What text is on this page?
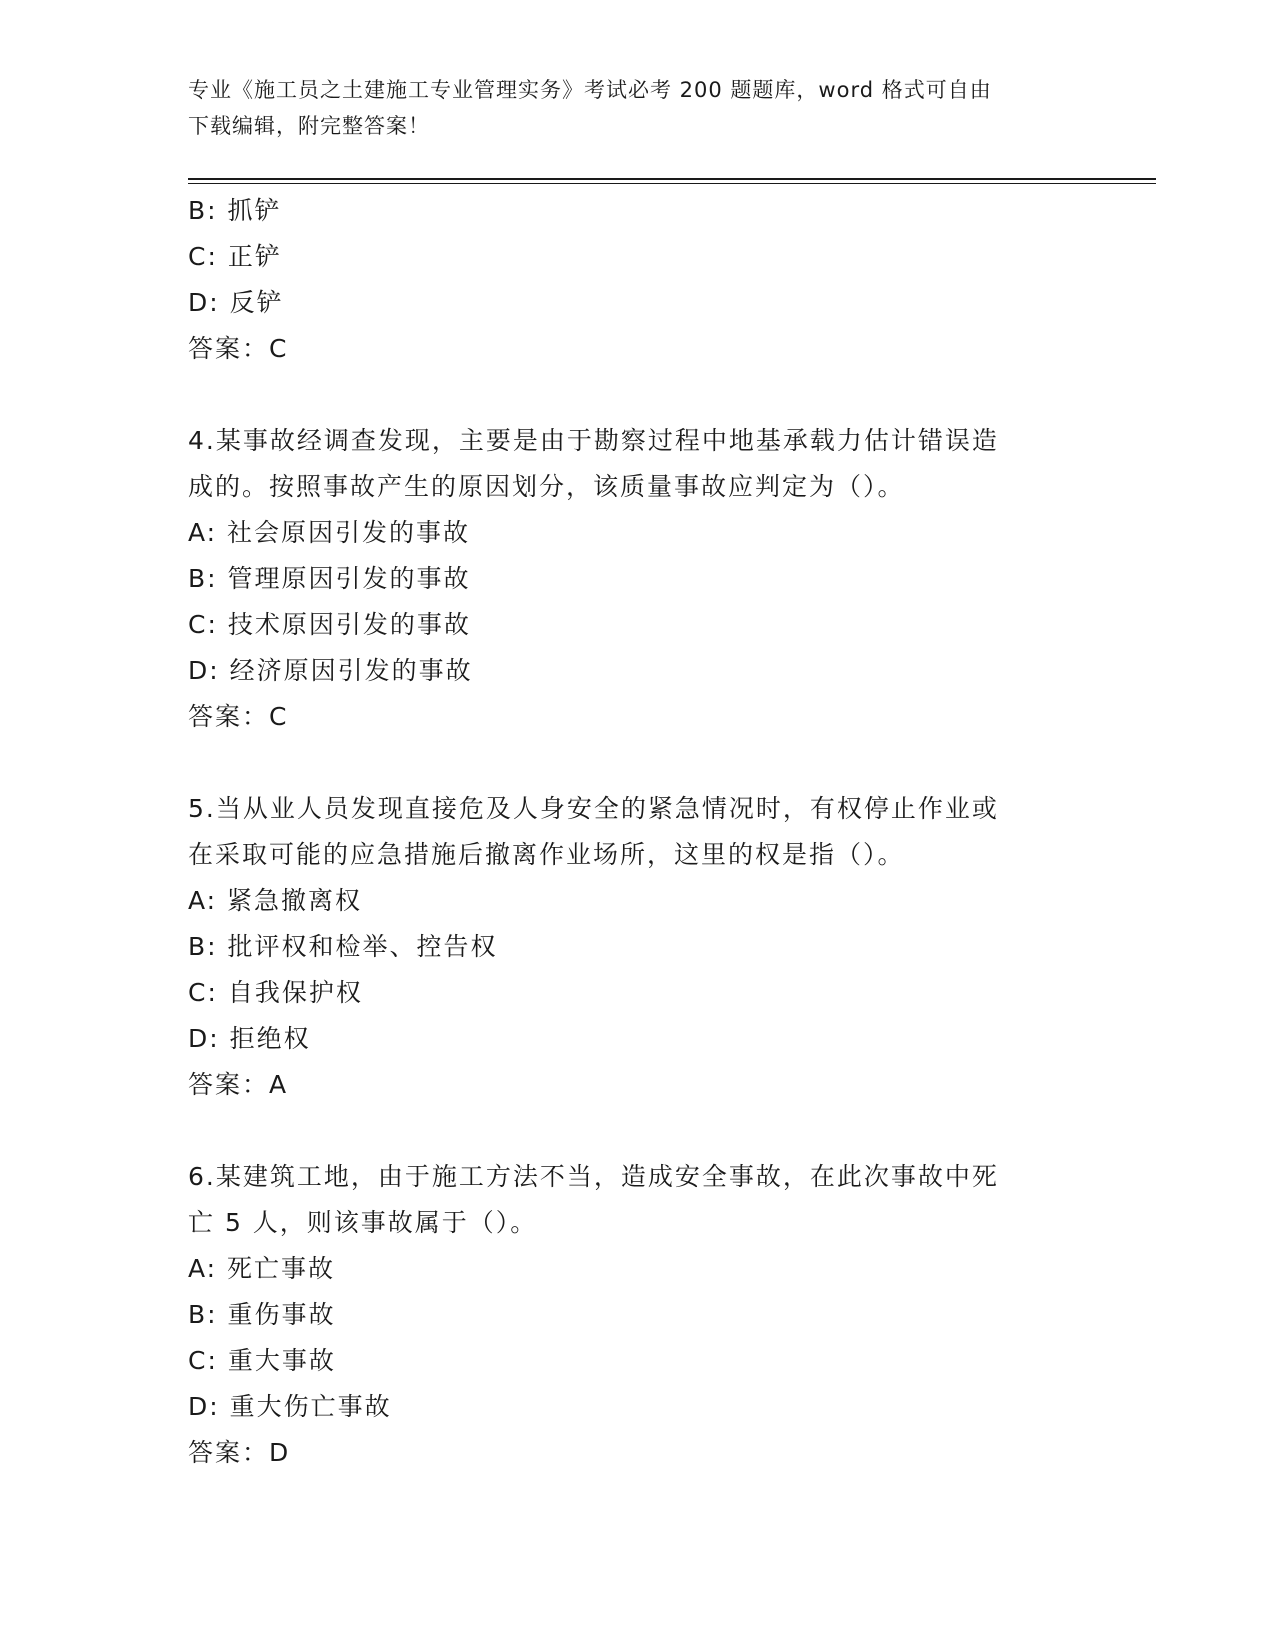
专业《施工员之土建施工专业管理实务》考试必考 200 题题库，word 格式可自由
下载编辑，附完整答案！
B: 抓铲
C: 正铲
D: 反铲
答案：C
4.某事故经调查发现，主要是由于勘察过程中地基承载力估计错误造
成的。按照事故产生的原因划分，该质量事故应判定为（）。
A: 社会原因引发的事故
B: 管理原因引发的事故
C: 技术原因引发的事故
D: 经济原因引发的事故
答案：C
5.当从业人员发现直接危及人身安全的紧急情况时，有权停止作业或
在采取可能的应急措施后撤离作业场所，这里的权是指（）。
A: 紧急撤离权
B: 批评权和检举、控告权
C: 自我保护权
D: 拒绝权
答案：A
6.某建筑工地，由于施工方法不当，造成安全事故，在此次事故中死
亡 5 人，则该事故属于（）。
A: 死亡事故
B: 重伤事故
C: 重大事故
D: 重大伤亡事故
答案：D
